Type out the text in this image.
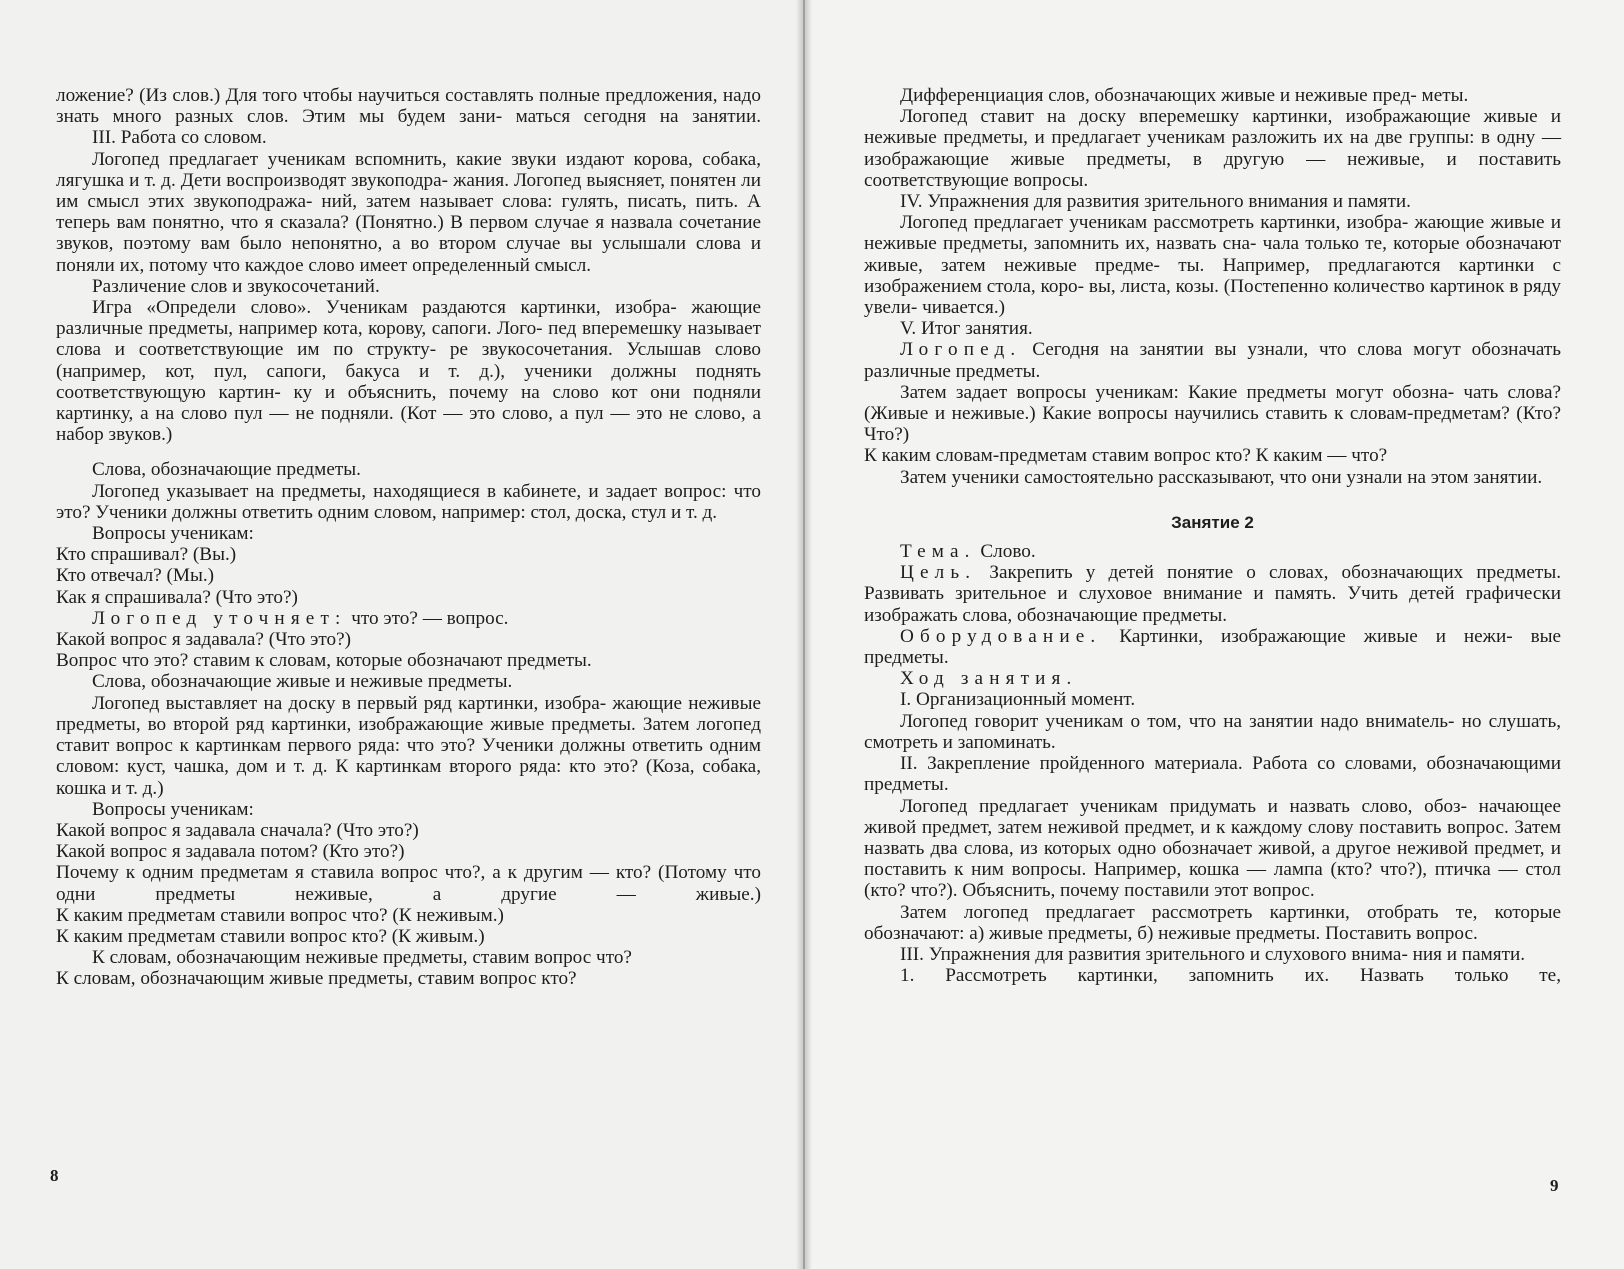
ложение? (Из слов.) Для того чтобы научиться составлять полные предложения, надо знать много разных слов. Этим мы будем зани- маться сегодня на занятии.

III. Работа со словом.

Логопед предлагает ученикам вспомнить, какие звуки издают корова, собака, лягушка и т. д. Дети воспроизводят звукоподра- жания. Логопед выясняет, понятен ли им смысл этих звукоподража- ний, затем называет слова: гулять, писать, пить. А теперь вам понятно, что я сказала? (Понятно.) В первом случае я назвала сочетание звуков, поэтому вам было непонятно, а во втором случае вы услышали слова и поняли их, потому что каждое слово имеет определенный смысл.

Различение слов и звукосочетаний.

Игра «Определи слово». Ученикам раздаются картинки, изобра- жающие различные предметы, например кота, корову, сапоги. Лого- пед вперемешку называет слова и соответствующие им по структу- ре звукосочетания. Услышав слово (например, кот, пул, сапоги, бакуса и т. д.), ученики должны поднять соответствующую картин- ку и объяснить, почему на слово кот они подняли картинку, а на слово пул — не подняли. (Кот — это слово, а пул — это не слово, а набор звуков.)

Слова, обозначающие предметы.

Логопед указывает на предметы, находящиеся в кабинете, и задает вопрос: что это? Ученики должны ответить одним словом, например: стол, доска, стул и т. д.

Вопросы ученикам:

Кто спрашивал? (Вы.)

Кто отвечал? (Мы.)

Как я спрашивала? (Что это?)

Логопед уточняет: что это? — вопрос.

Какой вопрос я задавала? (Что это?)

Вопрос что это? ставим к словам, которые обозначают предметы.

Слова, обозначающие живые и неживые предметы.

Логопед выставляет на доску в первый ряд картинки, изобра- жающие неживые предметы, во второй ряд картинки, изображающие живые предметы. Затем логопед ставит вопрос к картинкам первого ряда: что это? Ученики должны ответить одним словом: куст, чашка, дом и т. д. К картинкам второго ряда: кто это? (Коза, собака, кошка и т. д.)

Вопросы ученикам:

Какой вопрос я задавала сначала? (Что это?)

Какой вопрос я задавала потом? (Кто это?)

Почему к одним предметам я ставила вопрос что?, а к другим — кто? (Потому что одни предметы неживые, а другие — живые.)

К каким предметам ставили вопрос что? (К неживым.)

К каким предметам ставили вопрос кто? (К живым.)

К словам, обозначающим неживые предметы, ставим вопрос что?

К словам, обозначающим живые предметы, ставим вопрос кто?

8

Дифференциация слов, обозначающих живые и неживые пред- меты.

Логопед ставит на доску вперемешку картинки, изображающие живые и неживые предметы, и предлагает ученикам разложить их на две группы: в одну — изображающие живые предметы, в другую — неживые, и поставить соответствующие вопросы.

IV. Упражнения для развития зрительного внимания и памяти.

Логопед предлагает ученикам рассмотреть картинки, изобра- жающие живые и неживые предметы, запомнить их, назвать сна- чала только те, которые обозначают живые, затем неживые предме- ты. Например, предлагаются картинки с изображением стола, коро- вы, листа, козы. (Постепенно количество картинок в ряду увели- чивается.)

V. Итог занятия.

Логопед. Сегодня на занятии вы узнали, что слова могут обозначать различные предметы.

Затем задает вопросы ученикам: Какие предметы могут обозна- чать слова? (Живые и неживые.) Какие вопросы научились ставить к словам-предметам? (Кто? Что?)

К каким словам-предметам ставим вопрос кто? К каким — что?

Затем ученики самостоятельно рассказывают, что они узнали на этом занятии.

Занятие 2

Тема. Слово.

Цель. Закрепить у детей понятие о словах, обозначающих предметы. Развивать зрительное и слуховое внимание и память. Учить детей графически изображать слова, обозначающие предметы.

Оборудование. Картинки, изображающие живые и нежи- вые предметы.

Ход занятия.

I. Организационный момент.

Логопед говорит ученикам о том, что на занятии надо внимatель- но слушать, смотреть и запоминать.

II. Закрепление пройденного материала. Работа со словами, обозначающими предметы.

Логопед предлагает ученикам придумать и назвать слово, обоз- начающее живой предмет, затем неживой предмет, и к каждому слову поставить вопрос. Затем назвать два слова, из которых одно обозначает живой, а другое неживой предмет, и поставить к ним вопросы. Например, кошка — лампа (кто? что?), птичка — стол (кто? что?). Объяснить, почему поставили этот вопрос.

Затем логопед предлагает рассмотреть картинки, отобрать те, которые обозначают: а) живые предметы, б) неживые предметы. Поставить вопрос.

III. Упражнения для развития зрительного и слухового внима- ния и памяти.

1. Рассмотреть картинки, запомнить их. Назвать только те,

9
